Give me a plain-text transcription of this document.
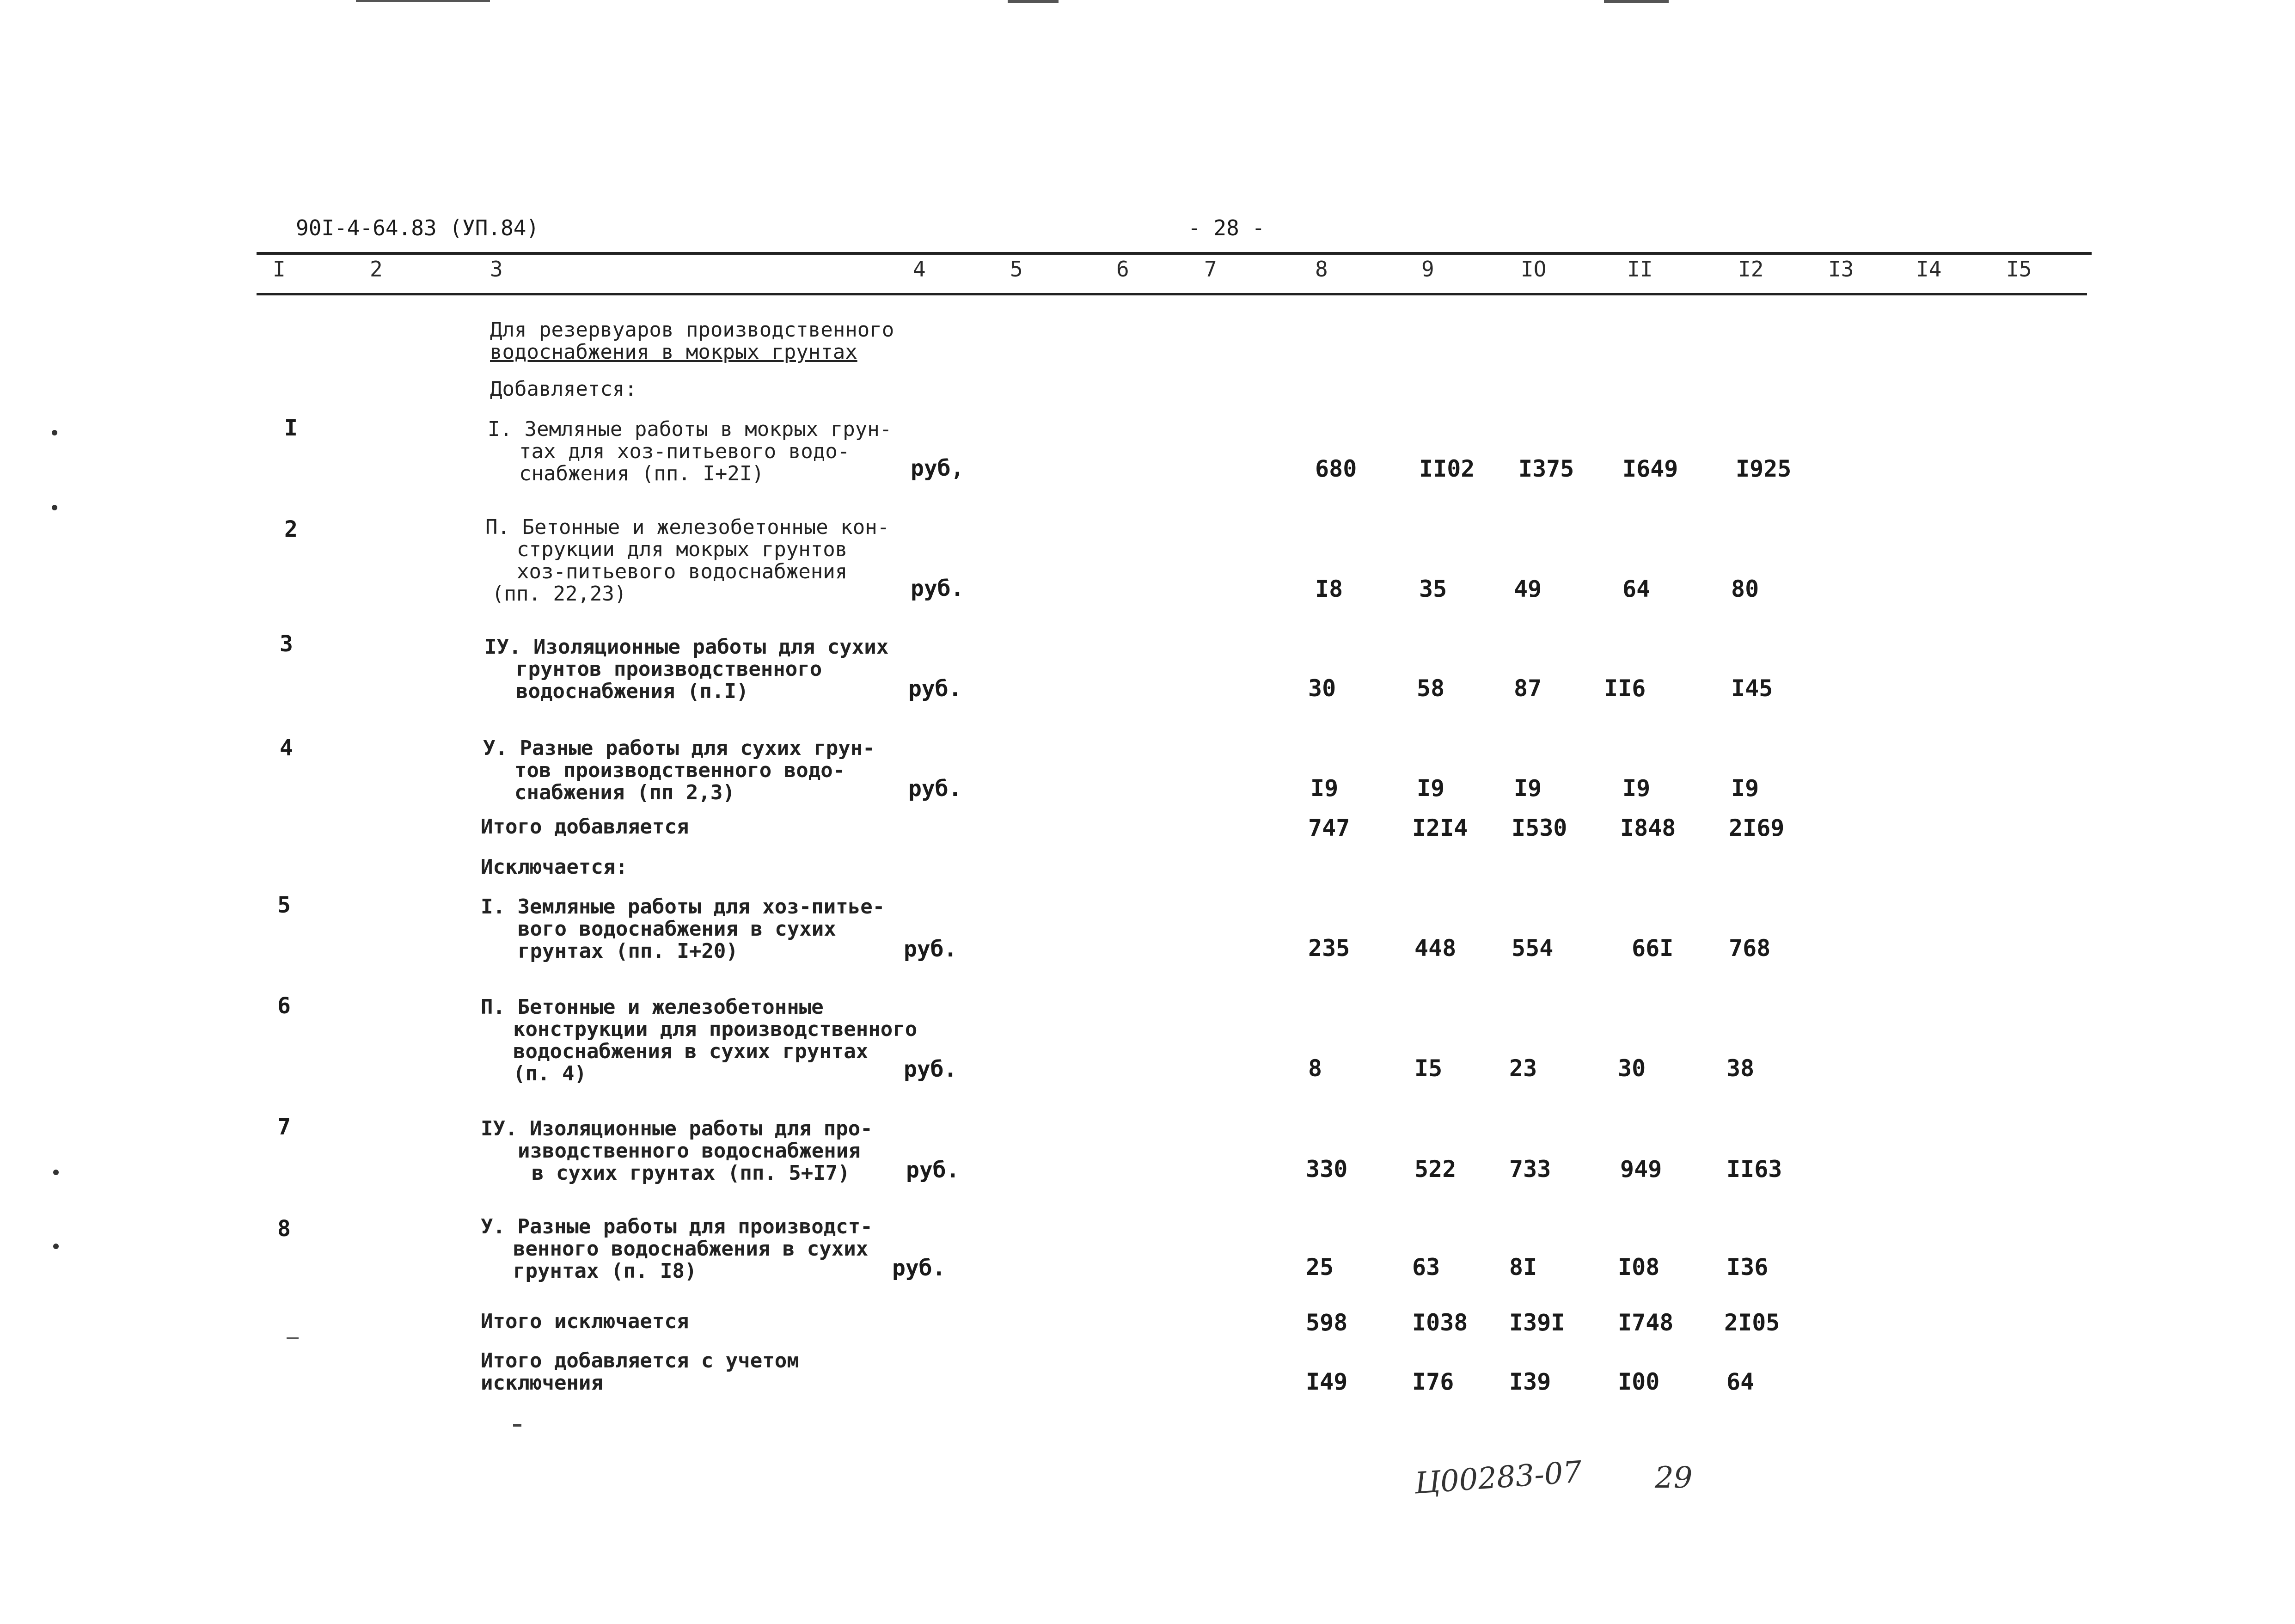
90I-4-64.83 (УП.84)	- 28 -
I	2	3	4	5	6	7	8	9	IO	II	I2	I3	I4	I5
Для резервуаров производственного
водоснабжения в мокрых грунтах
Добавляется:
I	I. Земляные работы в мокрых грун-
тах для хоз-питьевого водо-
снабжения (пп. I+2I)	руб,	680	II02 I375 I649 I925
2	П. Бетонные и железобетонные кон-
струкции для мокрых грунтов
хоз-питьевого водоснабжения
(пп. 22,23)	руб.	I8	35	49	64	80
3	IУ. Изоляционные работы для сухих
грунтов производственного
водоснабжения (п.I)	руб.	30	58	87	II6	I45
4	У. Разные работы для сухих грун-
тов производственного водо-
снабжения (пп 2,3)	руб.	I9	I9	I9	I9	I9
Итого добавляется	747	I2I4 I530 I848 2I69
Исключается:
5	I. Земляные работы для хоз-питье-
вого водоснабжения в сухих
грунтах (пп. I+20)	руб.	235	448 554	66I 768
6	П. Бетонные и железобетонные
конструкции для производственного
водоснабжения в сухих грунтах
(п. 4)	руб.	8	I5	23	30	38
7	IУ. Изоляционные работы для про-
изводственного водоснабжения
в сухих грунтах (пп. 5+I7)	руб.	330	522 733	949	II63
8	У. Разные работы для производст-
венного водоснабжения в сухих
грунтах (п. I8)	руб.	25	63	8I	I08	I36
Итого исключается	598	I038 I39I I748 2I05
Итого добавляется с учетом
исключения	I49	I76 I39	I00	64
Ц00283-07 29
